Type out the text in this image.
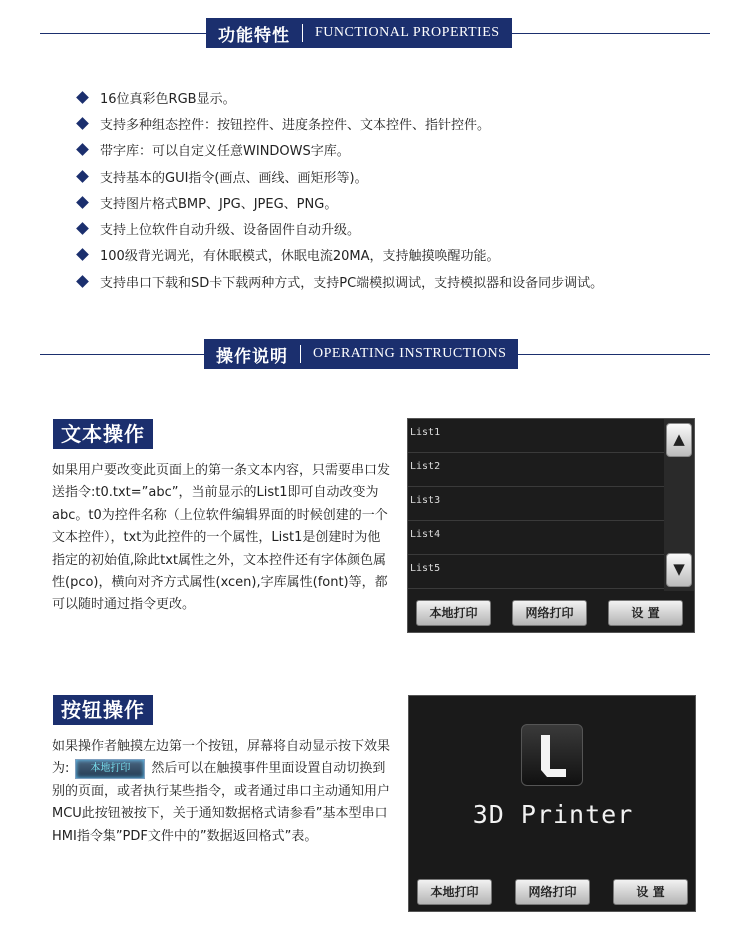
功能特性 FUNCTIONAL PROPERTIES
16位真彩色RGB显示。
支持多种组态控件：按钮控件、进度条控件、文本控件、指针控件。
带字库：可以自定义任意WINDOWS字库。
支持基本的GUI指令(画点、画线、画矩形等)。
支持图片格式BMP、JPG、JPEG、PNG。
支持上位软件自动升级、设备固件自动升级。
100级背光调光，有休眠模式，休眠电流20MA，支持触摸唤醒功能。
支持串口下载和SD卡下载两种方式，支持PC端模拟调试，支持模拟器和设备同步调试。
操作说明 OPERATING INSTRUCTIONS
文本操作

如果用户要改变此页面上的第一条文本内容，只需要串口发送指令:t0.txt=”abc”，当前显示的List1即可自动改变为abc。t0为控件名称（上位软件编辑界面的时候创建的一个文本控件），txt为此控件的一个属性，List1是创建时为他指定的初始值,除此txt属性之外，文本控件还有字体颜色属性(pco)，横向对齐方式属性(xcen),字库属性(font)等，都可以随时通过指令更改。

List1
List2
List3
List4
List5
▲
▼
本地打印	网络打印	设 置
按钮操作

如果操作者触摸左边第一个按钮，屏幕将自动显示按下效果为: 本地打印 然后可以在触摸事件里面设置自动切换到别的页面，或者执行某些指令，或者通过串口主动通知用户MCU此按钮被按下，关于通知数据格式请参看”基本型串口HMI指令集”PDF文件中的”数据返回格式”表。

3D Printer
本地打印	网络打印	设 置
